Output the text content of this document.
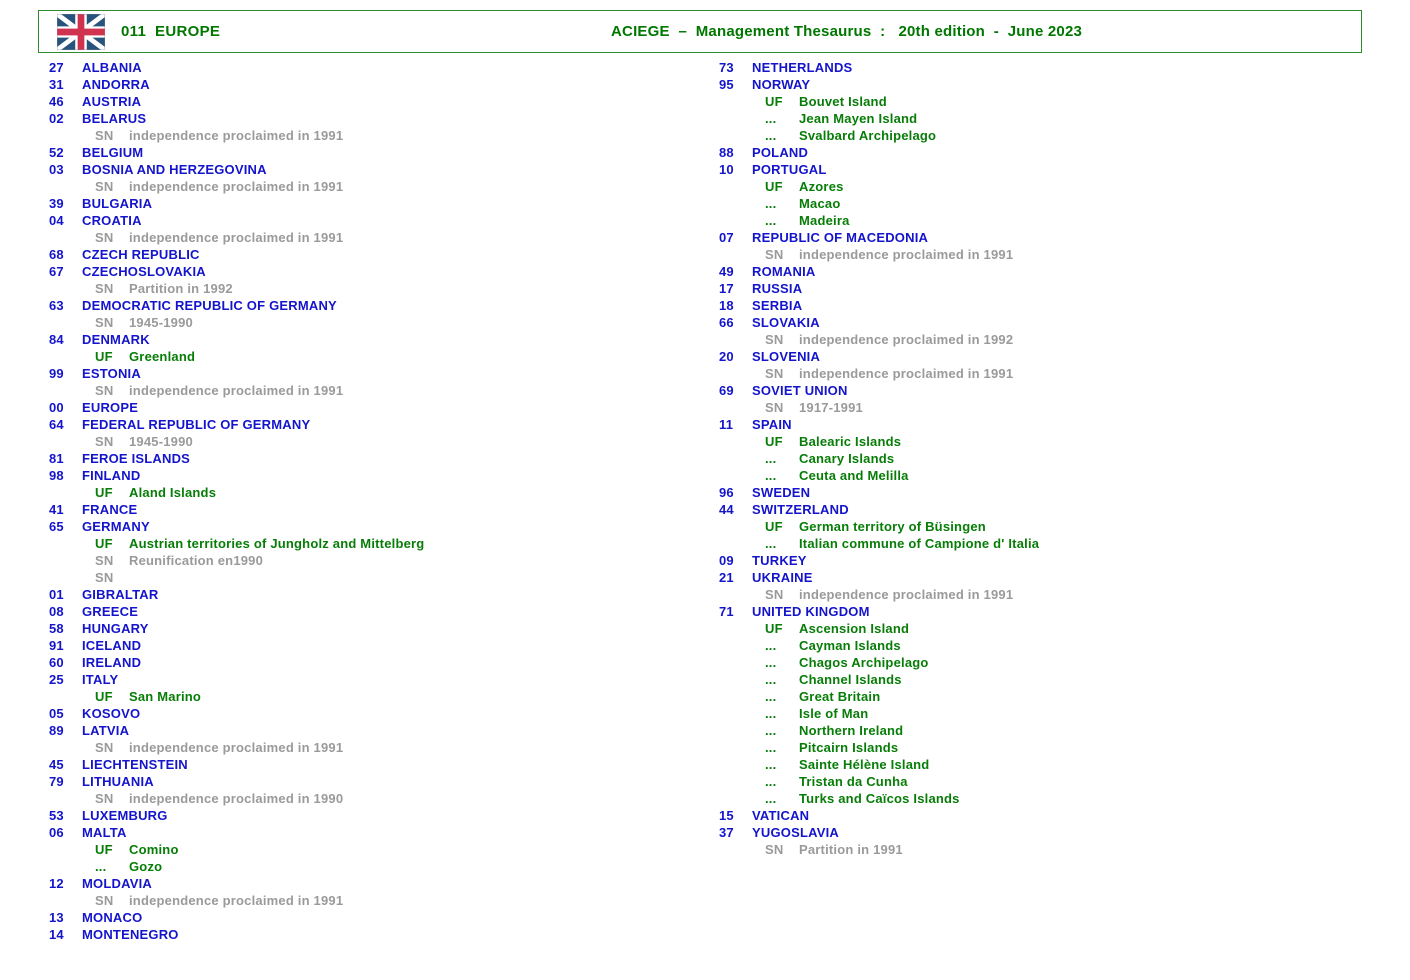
011  EUROPE	ACIEGE  –  Management Thesaurus  :   20th edition  -  June 2023
27	ALBANIA
31	ANDORRA
46	AUSTRIA
02	BELARUS
SN	independence proclaimed in 1991
52	BELGIUM
03	BOSNIA AND HERZEGOVINA
SN	independence proclaimed in 1991
39	BULGARIA
04	CROATIA
SN	independence proclaimed in 1991
68	CZECH REPUBLIC
67	CZECHOSLOVAKIA
SN	Partition in 1992
63	DEMOCRATIC REPUBLIC OF GERMANY
SN	1945-1990
84	DENMARK
UF	Greenland
99	ESTONIA
SN	independence proclaimed in 1991
00	EUROPE
64	FEDERAL REPUBLIC OF GERMANY
SN	1945-1990
81	FEROE ISLANDS
98	FINLAND
UF	Aland Islands
41	FRANCE
65	GERMANY
UF	Austrian territories of Jungholz and Mittelberg
SN	Reunification en1990
SN
01	GIBRALTAR
08	GREECE
58	HUNGARY
91	ICELAND
60	IRELAND
25	ITALY
UF	San Marino
05	KOSOVO
89	LATVIA
SN	independence proclaimed in 1991
45	LIECHTENSTEIN
79	LITHUANIA
SN	independence proclaimed in 1990
53	LUXEMBURG
06	MALTA
UF	Comino
...	Gozo
12	MOLDAVIA
SN	independence proclaimed in 1991
13	MONACO
14	MONTENEGRO
73	NETHERLANDS
95	NORWAY
UF	Bouvet Island
...	Jean Mayen Island
...	Svalbard Archipelago
88	POLAND
10	PORTUGAL
UF	Azores
...	Macao
...	Madeira
07	REPUBLIC OF MACEDONIA
SN	independence proclaimed in 1991
49	ROMANIA
17	RUSSIA
18	SERBIA
66	SLOVAKIA
SN	independence proclaimed in 1992
20	SLOVENIA
SN	independence proclaimed in 1991
69	SOVIET UNION
SN	1917-1991
11	SPAIN
UF	Balearic Islands
...	Canary Islands
...	Ceuta and Melilla
96	SWEDEN
44	SWITZERLAND
UF	German territory of Büsingen
...	Italian commune of Campione d' Italia
09	TURKEY
21	UKRAINE
SN	independence proclaimed in 1991
71	UNITED KINGDOM
UF	Ascension Island
...	Cayman Islands
...	Chagos Archipelago
...	Channel Islands
...	Great Britain
...	Isle of Man
...	Northern Ireland
...	Pitcairn Islands
...	Sainte Hélène Island
...	Tristan da Cunha
...	Turks and Caïcos Islands
15	VATICAN
37	YUGOSLAVIA
SN	Partition in 1991
